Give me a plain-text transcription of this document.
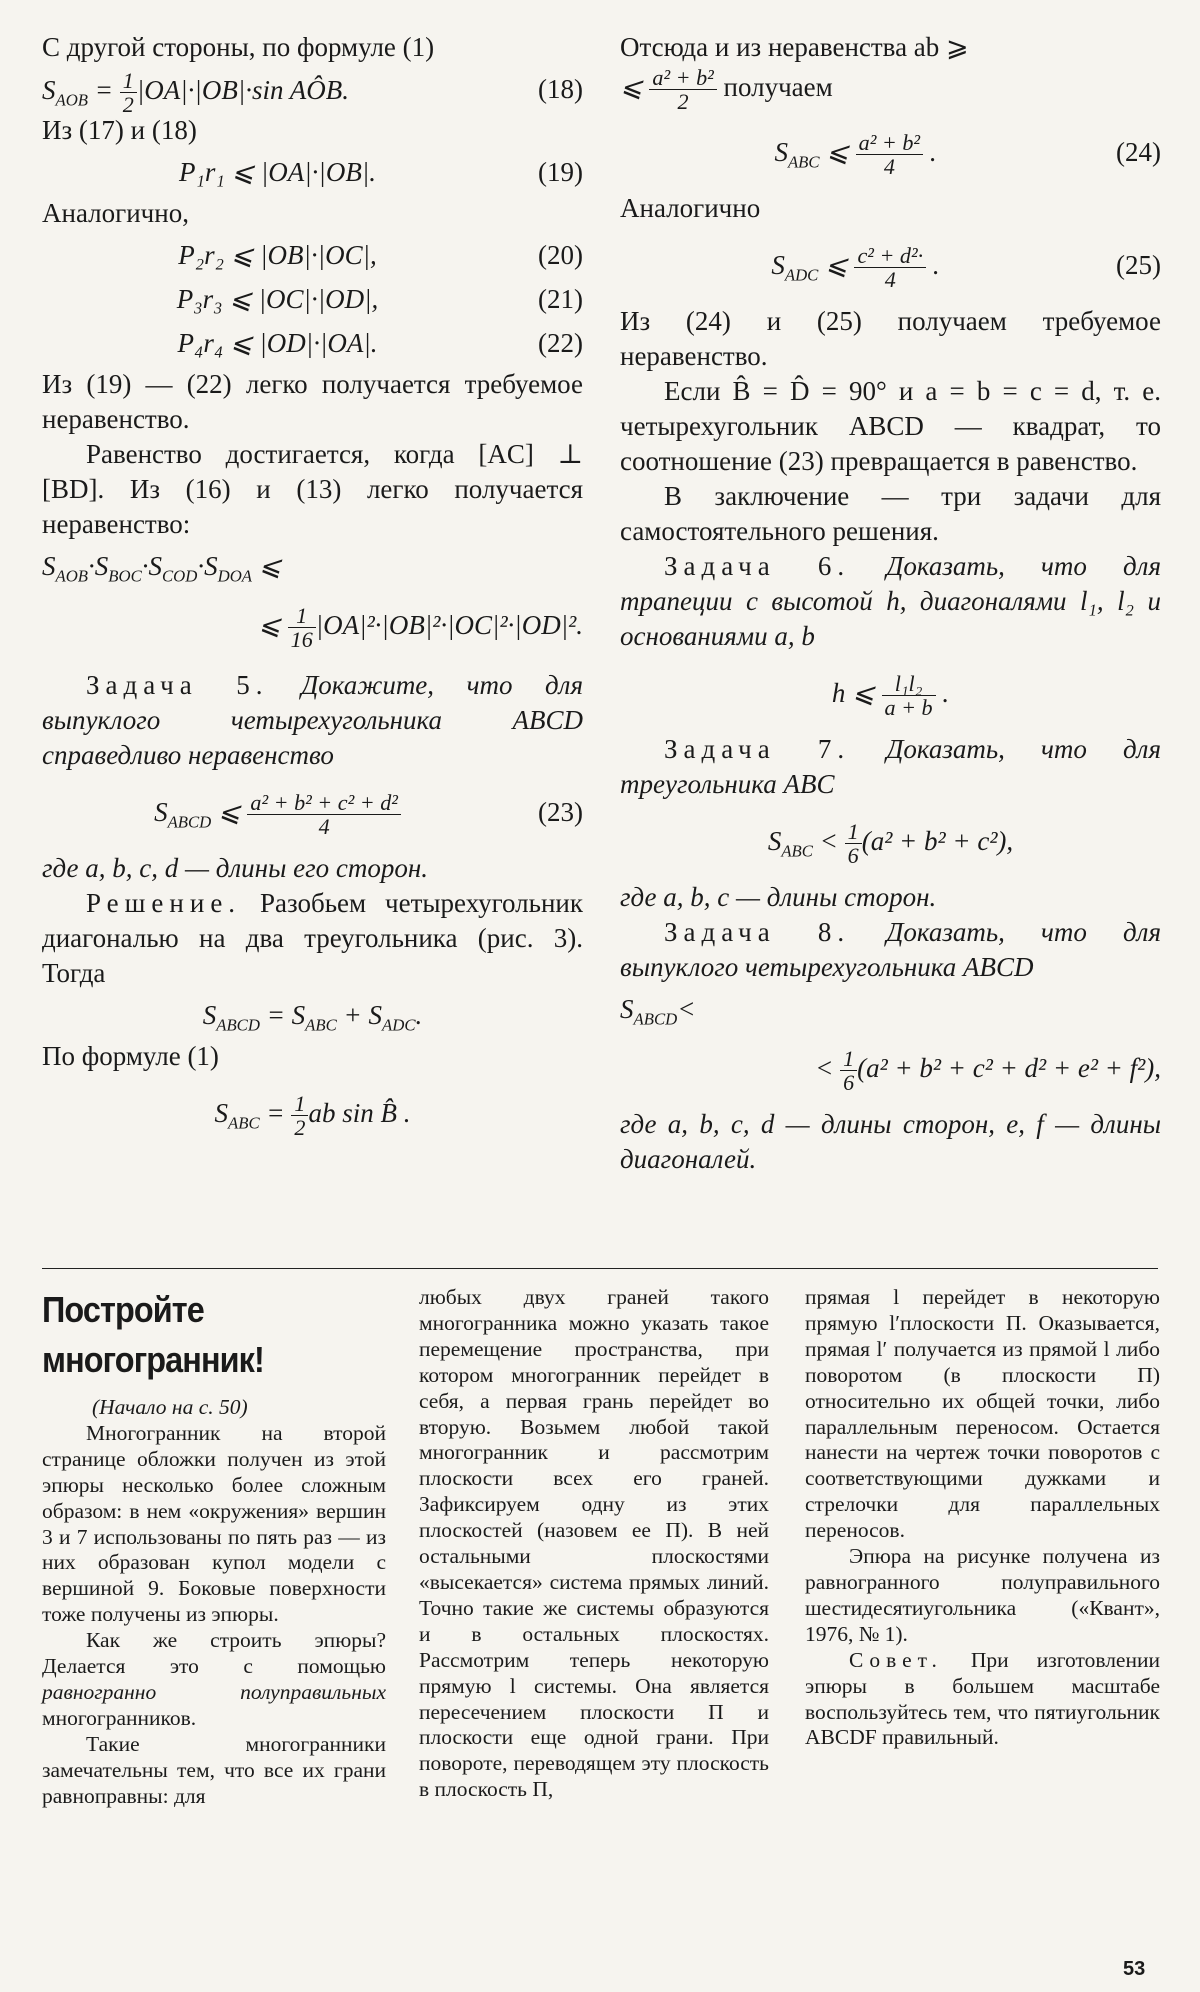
С другой стороны, по формуле (1)

$S_{AOB} = \frac{1}{2} |OA|\cdot|OB|\cdot\sin$ AÔB.	(18)

Из (17) и (18)

P₁r₁ ⩽ |OA|·|OB|.	(19)

Аналогично,

P₂r₂ ⩽ |OB|·|OC|,	(20)
P₃r₃ ⩽ |OC|·|OD|,	(21)
P₄r₄ ⩽ |OD|·|OA|.	(22)

Из (19) — (22) легко получается требуемое неравенство.

Равенство достигается, когда [AC] ⊥ [BD]. Из (16) и (13) легко получается неравенство:

$S_{AOB}\cdot S_{BOC}\cdot S_{COD}\cdot S_{DOA}$ ⩽
⩽ $\frac{1}{16} |OA|^2\cdot|OB|^2\cdot|OC|^2\cdot|OD|^2$.

Задача 5. Докажите, что для выпуклого четырехугольника ABCD справедливо неравенство

$S_{ABCD}$ ⩽ $\frac{\text{a² + b² + c² + d²}}{4}$	(23)

где a, b, c, d — длины его сторон.

Решение. Разобьем четырехугольник диагональю на два треугольника (рис. 3). Тогда

$S_{ABCD} = S_{ABC} + S_{ADC}$.

По формуле (1)

$S_{ABC} = \frac{1}{2}$ ab sin B̂ .

Отсюда и из неравенства ab ⩾

⩽ $\frac{\text{a² + b²}}{2}$ получаем
$S_{ABC}$ ⩽ $\frac{\text{a² + b²}}{4}$ .	(24)

Аналогично

$S_{ADC}$ ⩽ $\frac{\text{c² + d²·}}{4}$ .	(25)

Из (24) и (25) получаем требуемое неравенство.

Если B̂ = D̂ = 90° и a = b = c = d, т. е. четырехугольник ABCD — квадрат, то соотношение (23) превращается в равенство.

В заключение — три задачи для самостоятельного решения.

Задача 6. Доказать, что для трапеции с высотой h, диагоналями l₁, l₂ и основаниями a, b

h ⩽ $\frac{\text{l₁l₂}}{a + b}$ .

Задача 7. Доказать, что для треугольника ABC

$S_{ABC} < \frac{1}{6} (a^2 + b^2 + c^2)$,

где a, b, c — длины сторон.

Задача 8. Доказать, что для выпуклого четырехугольника ABCD

$S_{ABCD}<$
< $\frac{1}{6} (a^2 + b^2 + c^2 + d^2 + e^2 + f^2)$,

где a, b, c, d — длины сторон, e, f — длины диагоналей.

Постройте
многогранник!

(Начало на с. 50)

Многогранник на второй странице обложки получен из этой эпюры несколько более сложным образом: в нем «окружения» вершин 3 и 7 использованы по пять раз — из них образован купол модели с вершиной 9. Боковые поверхности тоже получены из эпюры.

Как же строить эпюры? Делается это с помощью равногранно полуправильных многогранников.

Такие многогранники замечательны тем, что все их грани равноправны: для

любых двух граней такого многогранника можно указать такое перемещение пространства, при котором многогранник перейдет в себя, а первая грань перейдет во вторую. Возьмем любой такой многогранник и рассмотрим плоскости всех его граней. Зафиксируем одну из этих плоскостей (назовем ее П). В ней остальными плоскостями «высекается» система прямых линий. Точно такие же системы образуются и в остальных плоскостях. Рассмотрим теперь некоторую прямую l системы. Она является пересечением плоскости П и плоскости еще одной грани. При повороте, переводящем эту плоскость в плоскость П,

прямая l перейдет в некоторую прямую l′плоскости П. Оказывается, прямая l′ получается из прямой l либо поворотом (в плоскости П) относительно их общей точки, либо параллельным переносом. Остается нанести на чертеж точки поворотов с соответствующими дужками и стрелочки для параллельных переносов.

Эпюра на рисунке получена из равногранного полуправильного шестидесятиугольника («Квант», 1976, № 1).

Совет. При изготовлении эпюры в большем масштабе воспользуйтесь тем, что пятиугольник ABCDF правильный.

53
